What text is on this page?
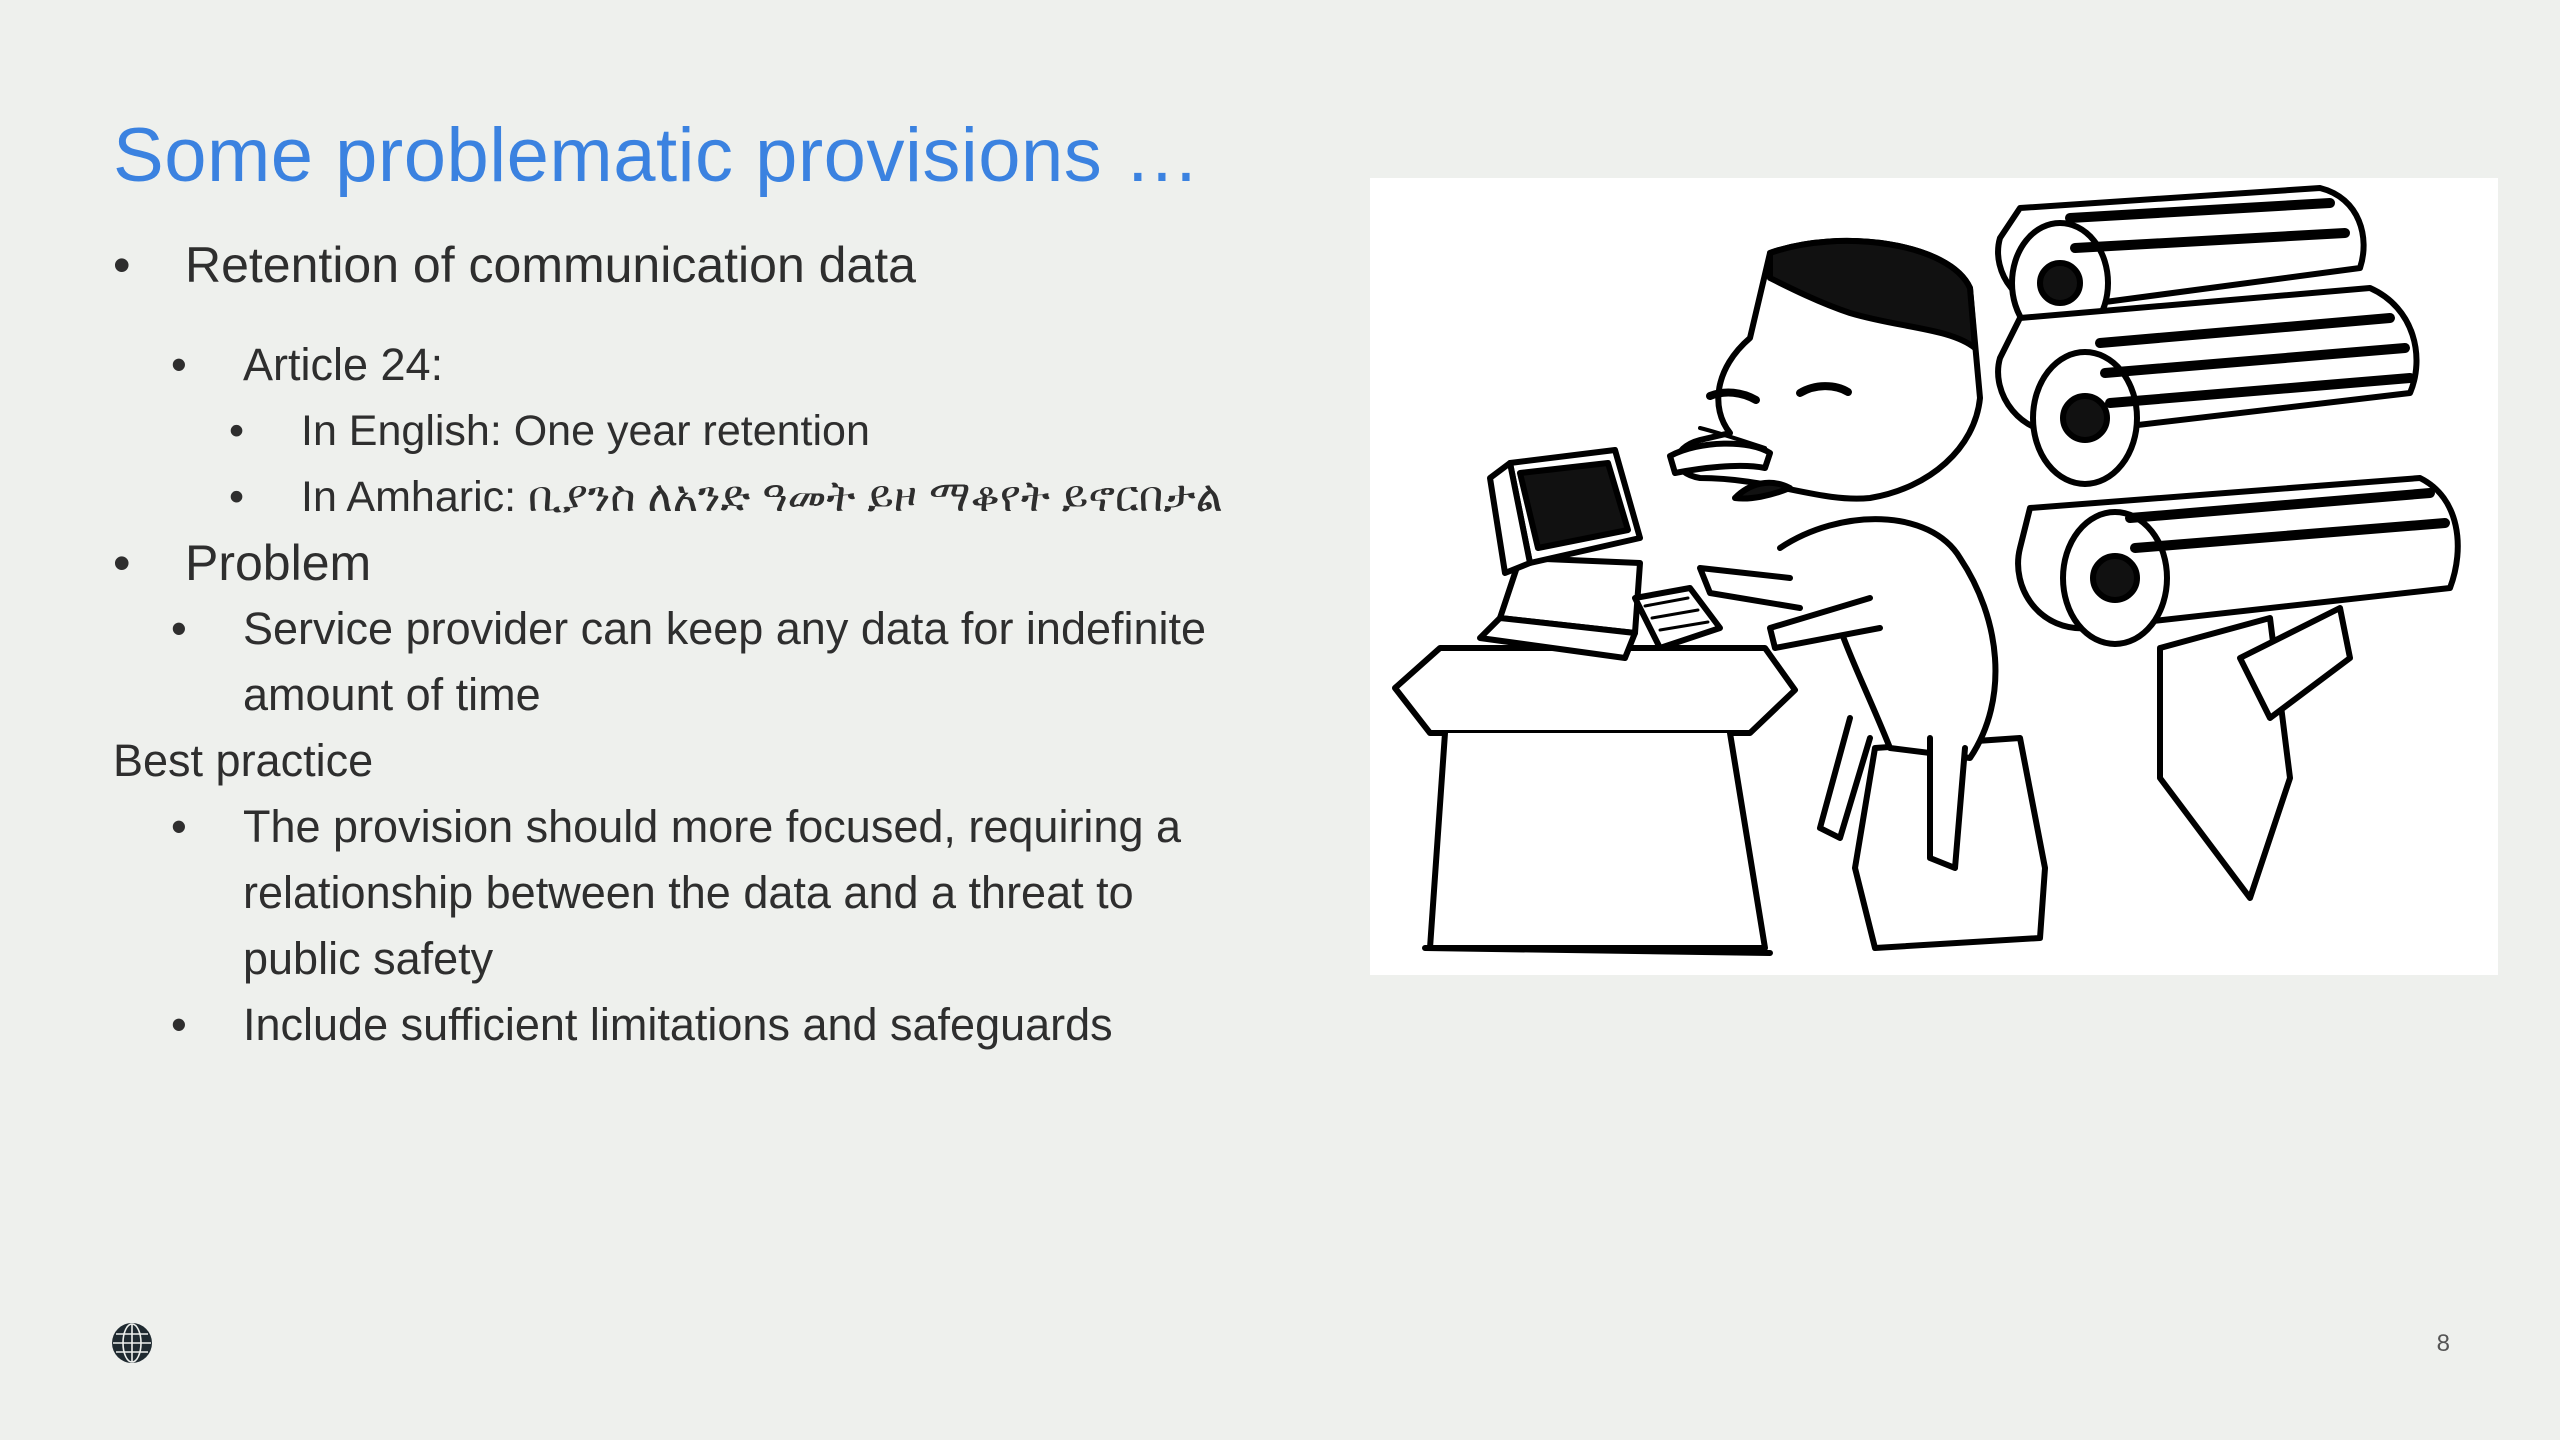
Some problematic provisions …
• Retention of communication data
• Article 24:
• In English: One year retention
• In Amharic: ቢያንስ ለአንድ ዓመት ይዞ ማቆየት ይኖርበታል
• Problem
• Service provider can keep any data for indefinite
amount of time
Best practice
• The provision should more focused, requiring a
relationship between the data and a threat to
public safety
• Include sufficient limitations and safeguards
8
